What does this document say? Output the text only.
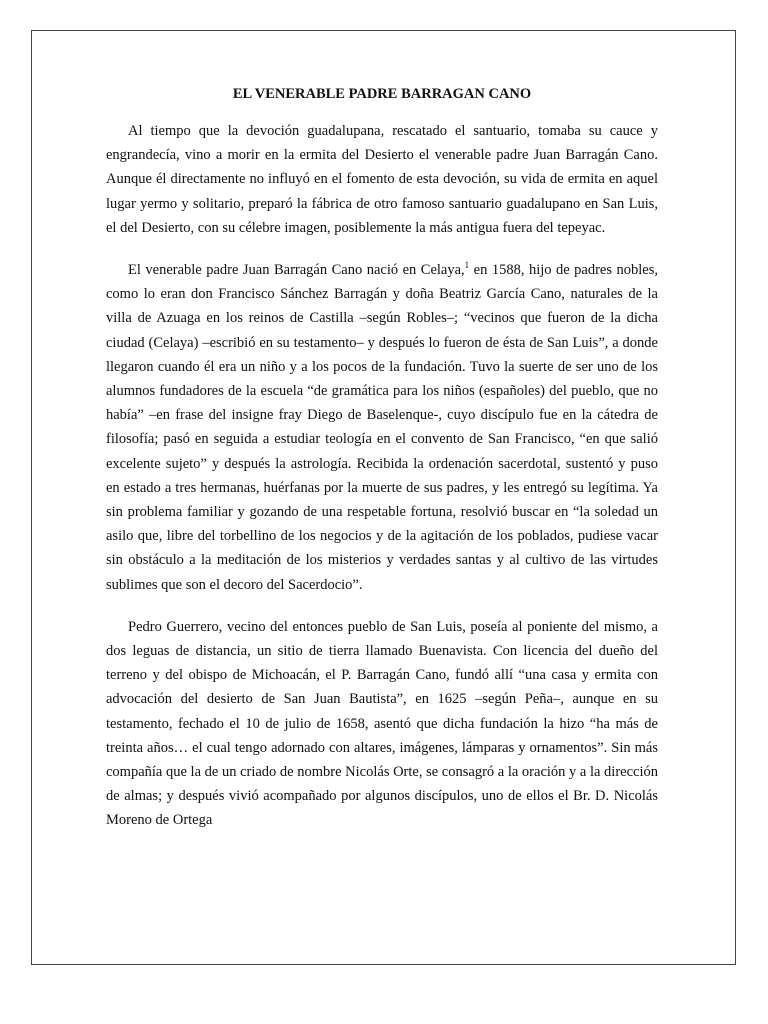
EL VENERABLE PADRE BARRAGAN CANO

Al tiempo que la devoción guadalupana, rescatado el santuario, tomaba su cauce y engrandecía, vino a morir en la ermita del Desierto el venerable padre Juan Barragán Cano. Aunque él directamente no influyó en el fomento de esta devoción, su vida de ermita en aquel lugar yermo y solitario, preparó la fábrica de otro famoso santuario guadalupano en San Luis, el del Desierto, con su célebre imagen, posiblemente la más antigua fuera del tepeyac.

El venerable padre Juan Barragán Cano nació en Celaya,$^1$ en 1588, hijo de padres nobles, como lo eran don Francisco Sánchez Barragán y doña Beatriz García Cano, naturales de la villa de Azuaga en los reinos de Castilla –según Robles–; “vecinos que fueron de la dicha ciudad (Celaya) –escribió en su testamento– y después lo fueron de ésta de San Luis”, a donde llegaron cuando él era un niño y a los pocos de la fundación. Tuvo la suerte de ser uno de los alumnos fundadores de la escuela “de gramática para los niños (españoles) del pueblo, que no había” –en frase del insigne fray Diego de Baselenque-, cuyo discípulo fue en la cátedra de filosofía; pasó en seguida a estudiar teología en el convento de San Francisco, “en que salió excelente sujeto” y después la astrología. Recibida la ordenación sacerdotal, sustentó y puso en estado a tres hermanas, huérfanas por la muerte de sus padres, y les entregó su legítima. Ya sin problema familiar y gozando de una respetable fortuna, resolvió buscar en “la soledad un asilo que, libre del torbellino de los negocios y de la agitación de los poblados, pudiese vacar sin obstáculo a la meditación de los misterios y verdades santas y al cultivo de las virtudes sublimes que son el decoro del Sacerdocio”.

Pedro Guerrero, vecino del entonces pueblo de San Luis, poseía al poniente del mismo, a dos leguas de distancia, un sitio de tierra llamado Buenavista. Con licencia del dueño del terreno y del obispo de Michoacán, el P. Barragán Cano, fundó allí “una casa y ermita con advocación del desierto de San Juan Bautista”, en 1625 –según Peña–, aunque en su testamento, fechado el 10 de julio de 1658, asentó que dicha fundación la hizo “ha más de treinta años… el cual tengo adornado con altares, imágenes, lámparas y ornamentos”. Sin más compañía que la de un criado de nombre Nicolás Orte, se consagró a la oración y a la dirección de almas; y después vivió acompañado por algunos discípulos, uno de ellos el Br. D. Nicolás Moreno de Ortega
